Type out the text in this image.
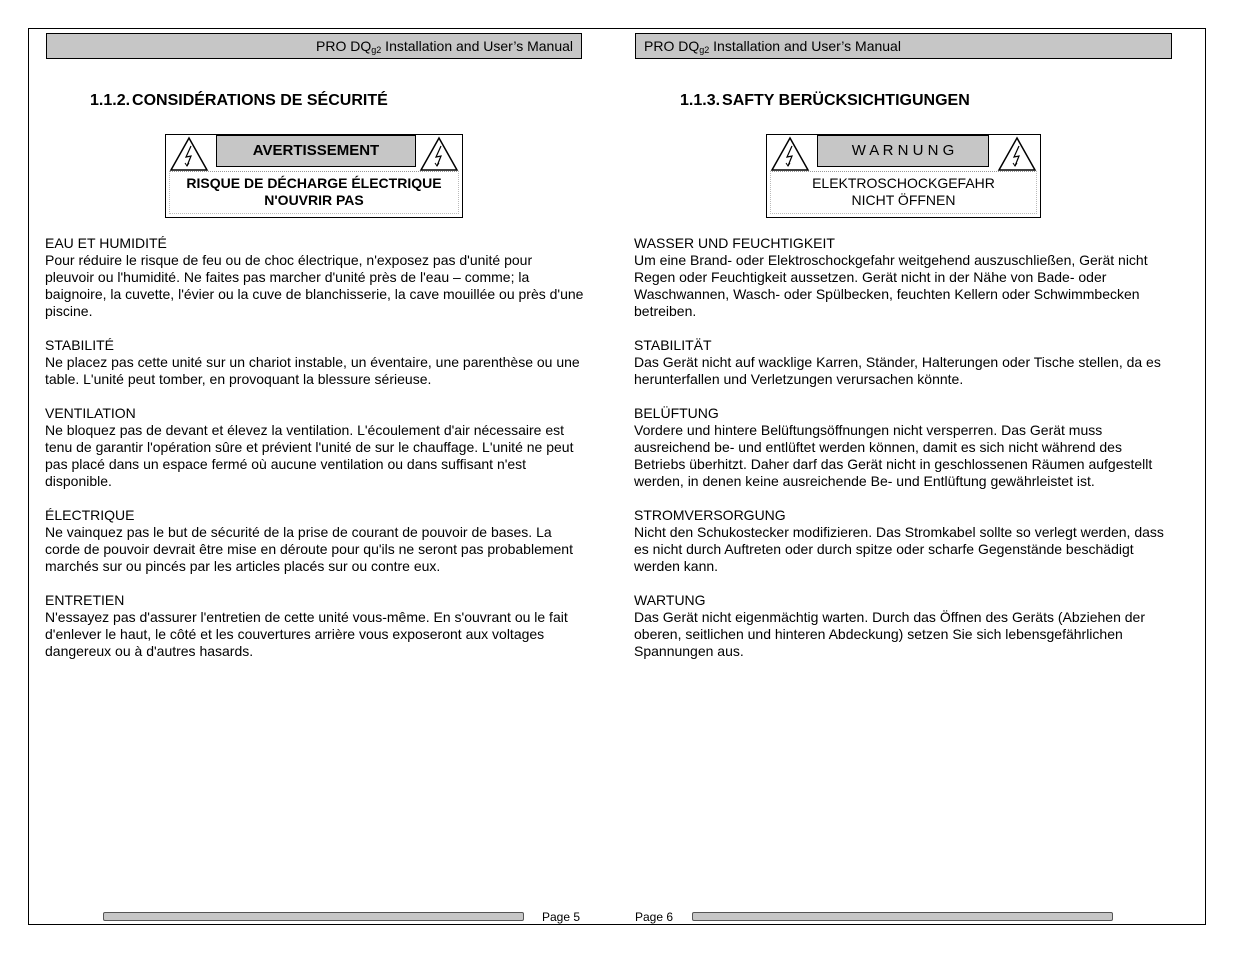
PRO $DQ_{g2}$ Installation and User’s Manual	PRO $DQ_{g2}$ Installation and User’s Manual
1.1.2. CONSIDÉRATIONS DE SÉCURITÉ	1.1.3. SAFTY BERÜCKSICHTIGUNGEN
AVERTISSEMENT
RISQUE DE DÉCHARGE ÉLECTRIQUE
N'OUVRIR PAS
W A R N U N G
ELEKTROSCHOCKGEFAHR
NICHT ÖFFNEN
EAU ET HUMIDITÉ

Pour réduire le risque de feu ou de choc électrique, n'exposez pas d'unité pour pleuvoir ou l'humidité. Ne faites pas marcher d'unité près de l'eau – comme; la baignoire, la cuvette, l'évier ou la cuve de blanchisserie, la cave mouillée ou près d'une piscine.

STABILITÉ

Ne placez pas cette unité sur un chariot instable, un éventaire, une parenthèse ou une table. L'unité peut tomber, en provoquant la blessure sérieuse.

VENTILATION

Ne bloquez pas de devant et élevez la ventilation. L'écoulement d'air nécessaire est tenu de garantir l'opération sûre et prévient l'unité de sur le chauffage. L'unité ne peut pas placé dans un espace fermé où aucune ventilation ou dans suffisant n'est disponible.

ÉLECTRIQUE

Ne vainquez pas le but de sécurité de la prise de courant de pouvoir de bases. La corde de pouvoir devrait être mise en déroute pour qu'ils ne seront pas probablement marchés sur ou pincés par les articles placés sur ou contre eux.

ENTRETIEN

N'essayez pas d'assurer l'entretien de cette unité vous-même. En s'ouvrant ou le fait d'enlever le haut, le côté et les couvertures arrière vous exposeront aux voltages dangereux ou à d'autres hasards.

WASSER UND FEUCHTIGKEIT

Um eine Brand- oder Elektroschockgefahr weitgehend auszuschließen, Gerät nicht Regen oder Feuchtigkeit aussetzen. Gerät nicht in der Nähe von Bade- oder Waschwannen, Wasch- oder Spülbecken, feuchten Kellern oder Schwimmbecken betreiben.

STABILITÄT

Das Gerät nicht auf wacklige Karren, Ständer, Halterungen oder Tische stellen, da es herunterfallen und Verletzungen verursachen könnte.

BELÜFTUNG

Vordere und hintere Belüftungsöffnungen nicht versperren. Das Gerät muss ausreichend be- und entlüftet werden können, damit es sich nicht während des Betriebs überhitzt. Daher darf das Gerät nicht in geschlossenen Räumen aufgestellt werden, in denen keine ausreichende Be- und Entlüftung gewährleistet ist.

STROMVERSORGUNG

Nicht den Schukostecker modifizieren. Das Stromkabel sollte so verlegt werden, dass es nicht durch Auftreten oder durch spitze oder scharfe Gegenstände beschädigt werden kann.

WARTUNG

Das Gerät nicht eigenmächtig warten. Durch das Öffnen des Geräts (Abziehen der oberen, seitlichen und hinteren Abdeckung) setzen Sie sich lebensgefährlichen Spannungen aus.

Page 5	Page 6
